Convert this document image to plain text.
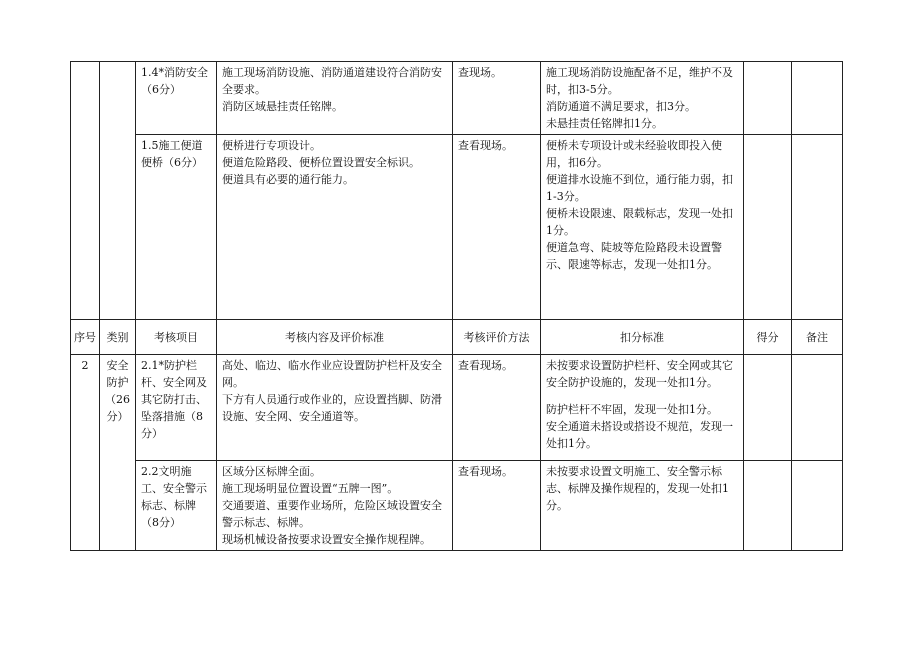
		1.4*消防安全（6分）	施工现场消防设施、消防通道建设符合消防安全要求。
消防区域悬挂责任铭牌。	查现场。	施工现场消防设施配备不足，维护不及时，扣3-5分。
消防通道不满足要求，扣3分。
未悬挂责任铭牌扣1分。		

		1.5施工便道便桥（6分）	便桥进行专项设计。
便道危险路段、便桥位置设置安全标识。
便道具有必要的通行能力。	查看现场。	便桥未专项设计或未经验收即投入使用，扣6分。
便道排水设施不到位，通行能力弱，扣1-3分。
便桥未设限速、限载标志，发现一处扣1分。
便道急弯、陡坡等危险路段未设置警示、限速等标志，发现一处扣1分。		

序号	类别	考核项目	考核内容及评价标准	考核评价方法	扣分标准	得分	备注
2	安全防护（26分）	2.1*防护栏杆、安全网及其它防打击、坠落措施（8分）	高处、临边、临水作业应设置防护栏杆及安全网。
下方有人员通行或作业的，应设置挡脚、防滑设施、安全网、安全通道等。	查看现场。	未按要求设置防护栏杆、安全网或其它安全防护设施的，发现一处扣1分。
防护栏杆不牢固，发现一处扣1分。
安全通道未搭设或搭设不规范，发现一处扣1分。		

		2.2文明施工、安全警示标志、标牌（8分）	区域分区标牌全面。
施工现场明显位置设置“五牌一图”。
交通要道、重要作业场所，危险区域设置安全警示标志、标牌。
现场机械设备按要求设置安全操作规程牌。	查看现场。	未按要求设置文明施工、安全警示标志、标牌及操作规程的，发现一处扣1分。		
